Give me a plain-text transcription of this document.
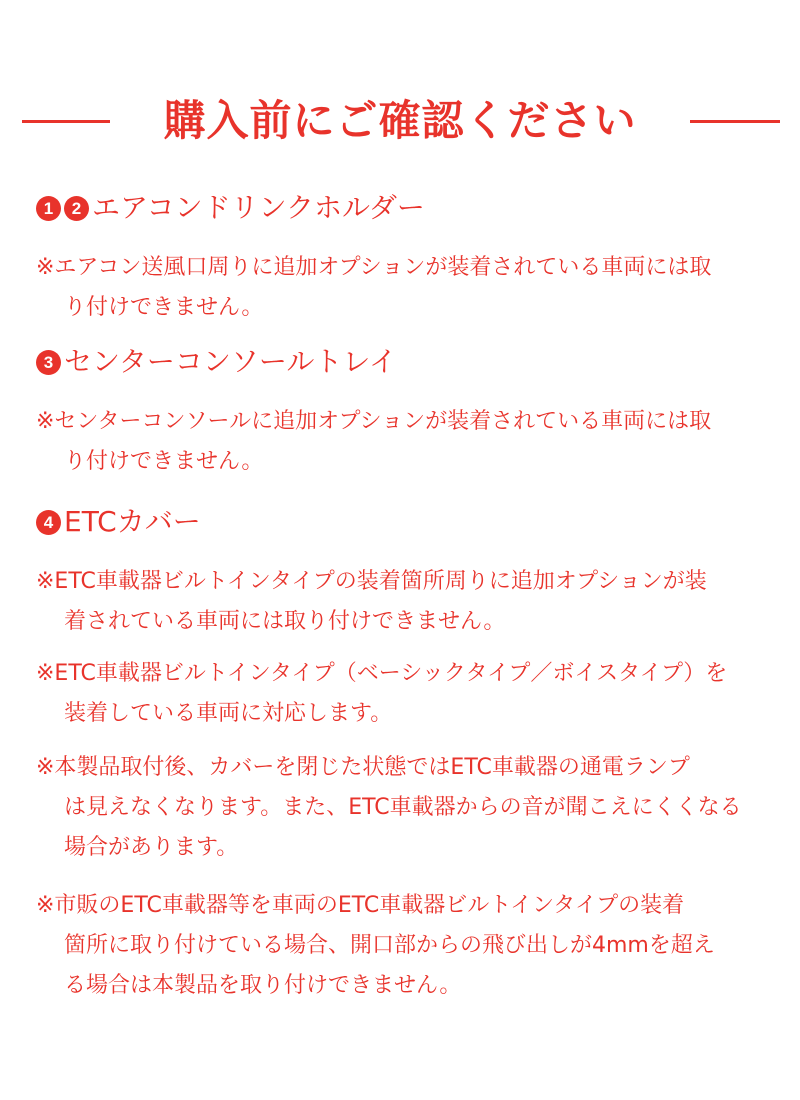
購入前にご確認ください
1	2 エアコンドリンクホルダー
※エアコン送風口周りに追加オプションが装着されている車両には取
り付けできません。
3 センターコンソールトレイ
※センターコンソールに追加オプションが装着されている車両には取
り付けできません。
4 ETCカバー
※ETC車載器ビルトインタイプの装着箇所周りに追加オプションが装
着されている車両には取り付けできません。
※ETC車載器ビルトインタイプ（ベーシックタイプ／ボイスタイプ）を
装着している車両に対応します。
※本製品取付後、カバーを閉じた状態ではETC車載器の通電ランプ
は見えなくなります。また、ETC車載器からの音が聞こえにくくなる
場合があります。
※市販のETC車載器等を車両のETC車載器ビルトインタイプの装着
箇所に取り付けている場合、開口部からの飛び出しが4mmを超え
る場合は本製品を取り付けできません。
